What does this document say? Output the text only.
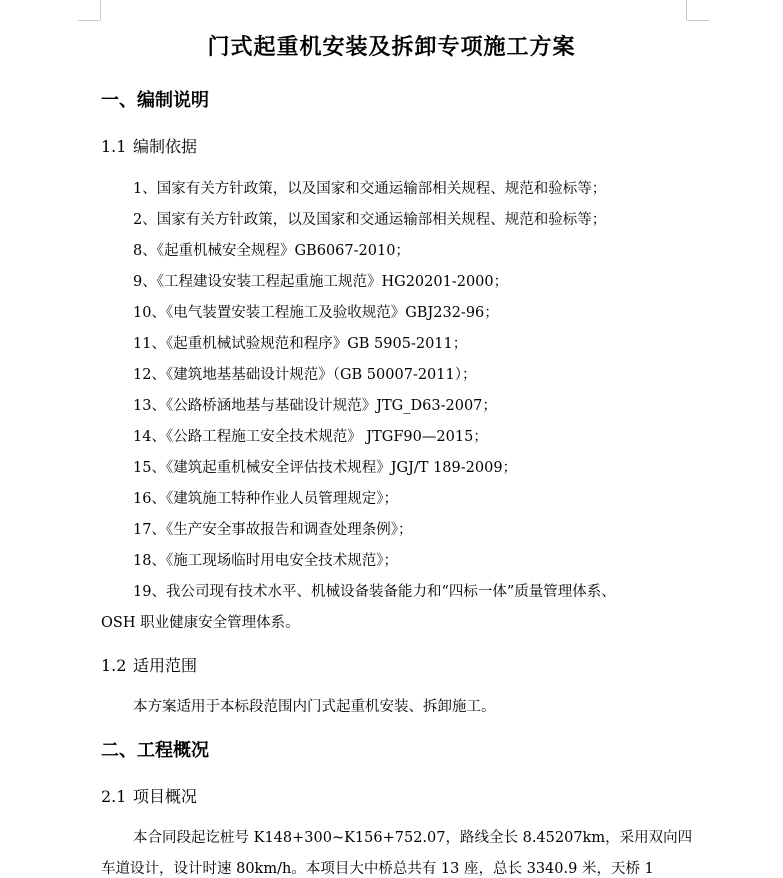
门式起重机安装及拆卸专项施工方案
一、编制说明
1.1 编制依据
1、国家有关方针政策，以及国家和交通运输部相关规程、规范和验标等；
2、国家有关方针政策，以及国家和交通运输部相关规程、规范和验标等；
8、《起重机械安全规程》GB6067-2010；
9、《工程建设安装工程起重施工规范》HG20201-2000；
10、《电气装置安装工程施工及验收规范》GBJ232-96；
11、《起重机械试验规范和程序》GB 5905-2011；
12、《建筑地基基础设计规范》（GB 50007-2011）；
13、《公路桥涵地基与基础设计规范》JTG_D63-2007；
14、《公路工程施工安全技术规范》 JTGF90—2015；
15、《建筑起重机械安全评估技术规程》JGJ/T 189-2009；
16、《建筑施工特种作业人员管理规定》；
17、《生产安全事故报告和调查处理条例》；
18、《施工现场临时用电安全技术规范》；
19、我公司现有技术水平、机械设备装备能力和“四标一体”质量管理体系、
OSH 职业健康安全管理体系。
1.2 适用范围
本方案适用于本标段范围内门式起重机安装、拆卸施工。
二、工程概况
2.1 项目概况
本合同段起讫桩号 K148+300~K156+752.07，路线全长 8.45207km，采用双向四
车道设计，设计时速 80km/h。本项目大中桥总共有 13 座，总长 3340.9 米，天桥 1
